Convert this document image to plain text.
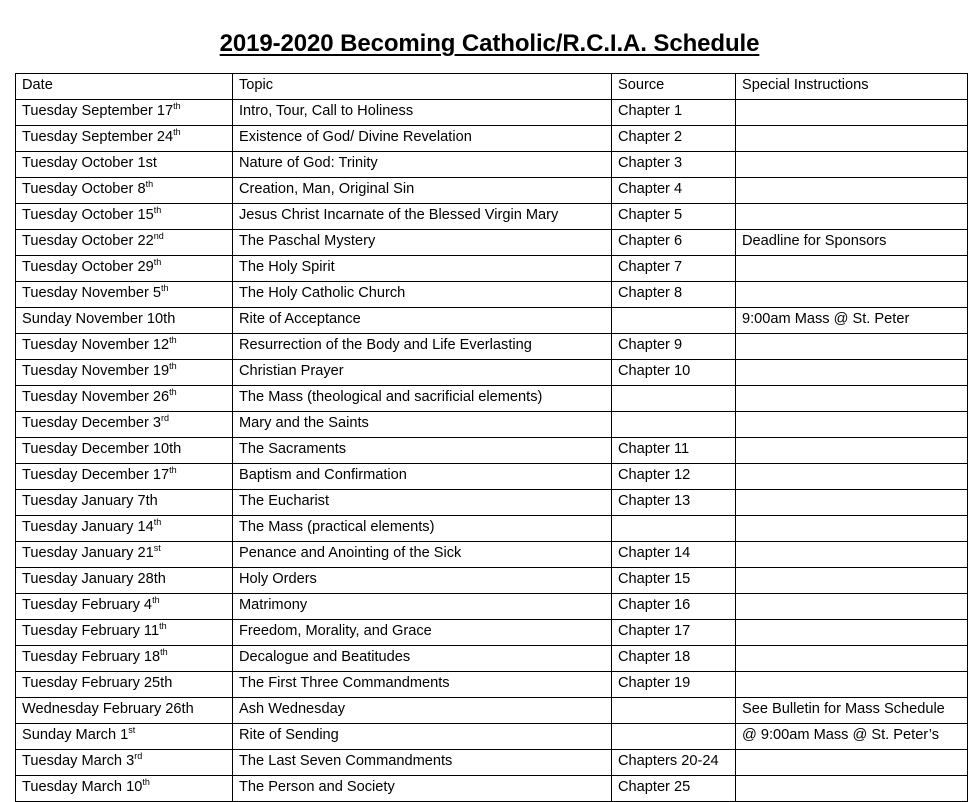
2019-2020 Becoming Catholic/R.C.I.A. Schedule
Date	Topic	Source	Special Instructions
Tuesday September 17th	Intro, Tour, Call to Holiness	Chapter 1	
Tuesday September 24th	Existence of God/ Divine Revelation	Chapter 2	
Tuesday October 1st	Nature of God: Trinity	Chapter 3	
Tuesday October 8th	Creation, Man, Original Sin	Chapter 4	
Tuesday October 15th	Jesus Christ Incarnate of the Blessed Virgin Mary	Chapter 5	
Tuesday October 22nd	The Paschal Mystery	Chapter 6	Deadline for Sponsors
Tuesday October 29th	The Holy Spirit	Chapter 7	
Tuesday November 5th	The Holy Catholic Church	Chapter 8	
Sunday November 10th	Rite of Acceptance		9:00am Mass @ St. Peter
Tuesday November 12th	Resurrection of the Body and Life Everlasting	Chapter 9	
Tuesday November 19th	Christian Prayer	Chapter 10	
Tuesday November 26th	The Mass (theological and sacrificial elements)		
Tuesday December 3rd	Mary and the Saints		
Tuesday December 10th	The Sacraments	Chapter 11	
Tuesday December 17th	Baptism and Confirmation	Chapter 12	
Tuesday January 7th	The Eucharist	Chapter 13	
Tuesday January 14th	The Mass (practical elements)		
Tuesday January 21st	Penance and Anointing of the Sick	Chapter 14	
Tuesday January 28th	Holy Orders	Chapter 15	
Tuesday February 4th	Matrimony	Chapter 16	
Tuesday February 11th	Freedom, Morality, and Grace	Chapter 17	
Tuesday February 18th	Decalogue and Beatitudes	Chapter 18	
Tuesday February 25th	The First Three Commandments	Chapter 19	
Wednesday February 26th	Ash Wednesday		See Bulletin for Mass Schedule
Sunday March 1st	Rite of Sending		@ 9:00am Mass @ St. Peter’s
Tuesday March 3rd	The Last Seven Commandments	Chapters 20-24	
Tuesday March 10th	The Person and Society	Chapter 25	
